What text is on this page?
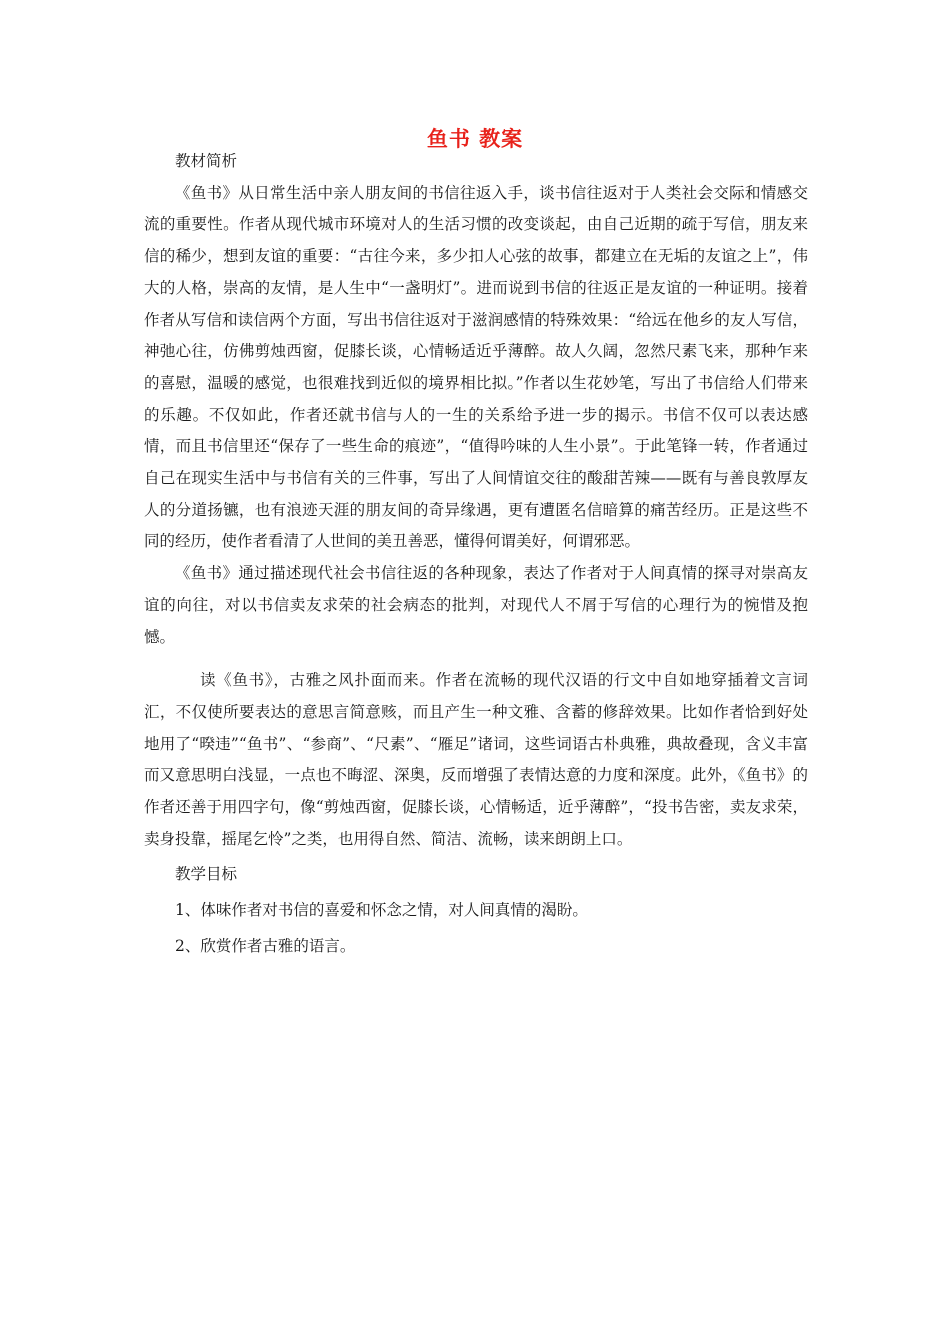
鱼书 教案

教材简析

《鱼书》从日常生活中亲人朋友间的书信往返入手，谈书信往返对于人类社会交际和情感交流的重要性。作者从现代城市环境对人的生活习惯的改变谈起，由自己近期的疏于写信，朋友来信的稀少，想到友谊的重要：“古往今来，多少扣人心弦的故事，都建立在无垢的友谊之上”，伟大的人格，崇高的友情，是人生中“一盏明灯”。进而说到书信的往返正是友谊的一种证明。接着作者从写信和读信两个方面，写出书信往返对于滋润感情的特殊效果：“给远在他乡的友人写信，神弛心往，仿佛剪烛西窗，促膝长谈，心情畅适近乎薄醉。故人久阔，忽然尺素飞来，那种乍来的喜慰，温暖的感觉，也很难找到近似的境界相比拟。”作者以生花妙笔，写出了书信给人们带来的乐趣。不仅如此，作者还就书信与人的一生的关系给予进一步的揭示。书信不仅可以表达感情，而且书信里还“保存了一些生命的痕迹”，“值得吟味的人生小景”。于此笔锋一转，作者通过自己在现实生活中与书信有关的三件事，写出了人间情谊交往的酸甜苦辣——既有与善良敦厚友人的分道扬镳，也有浪迹天涯的朋友间的奇异缘遇，更有遭匿名信暗算的痛苦经历。正是这些不同的经历，使作者看清了人世间的美丑善恶，懂得何谓美好，何谓邪恶。

《鱼书》通过描述现代社会书信往返的各种现象，表达了作者对于人间真情的探寻对崇高友谊的向往，对以书信卖友求荣的社会病态的批判，对现代人不屑于写信的心理行为的惋惜及抱憾。

读《鱼书》，古雅之风扑面而来。作者在流畅的现代汉语的行文中自如地穿插着文言词汇，不仅使所要表达的意思言简意赅，而且产生一种文雅、含蓄的修辞效果。比如作者恰到好处地用了“暌违”“鱼书”、“参商”、“尺素”、“雁足”诸词，这些词语古朴典雅，典故叠现，含义丰富而又意思明白浅显，一点也不晦涩、深奥，反而增强了表情达意的力度和深度。此外，《鱼书》的作者还善于用四字句，像“剪烛西窗，促膝长谈，心情畅适，近乎薄醉”，“投书告密，卖友求荣，卖身投靠，摇尾乞怜”之类，也用得自然、简洁、流畅，读来朗朗上口。

教学目标

1、体味作者对书信的喜爱和怀念之情，对人间真情的渴盼。

2、欣赏作者古雅的语言。
